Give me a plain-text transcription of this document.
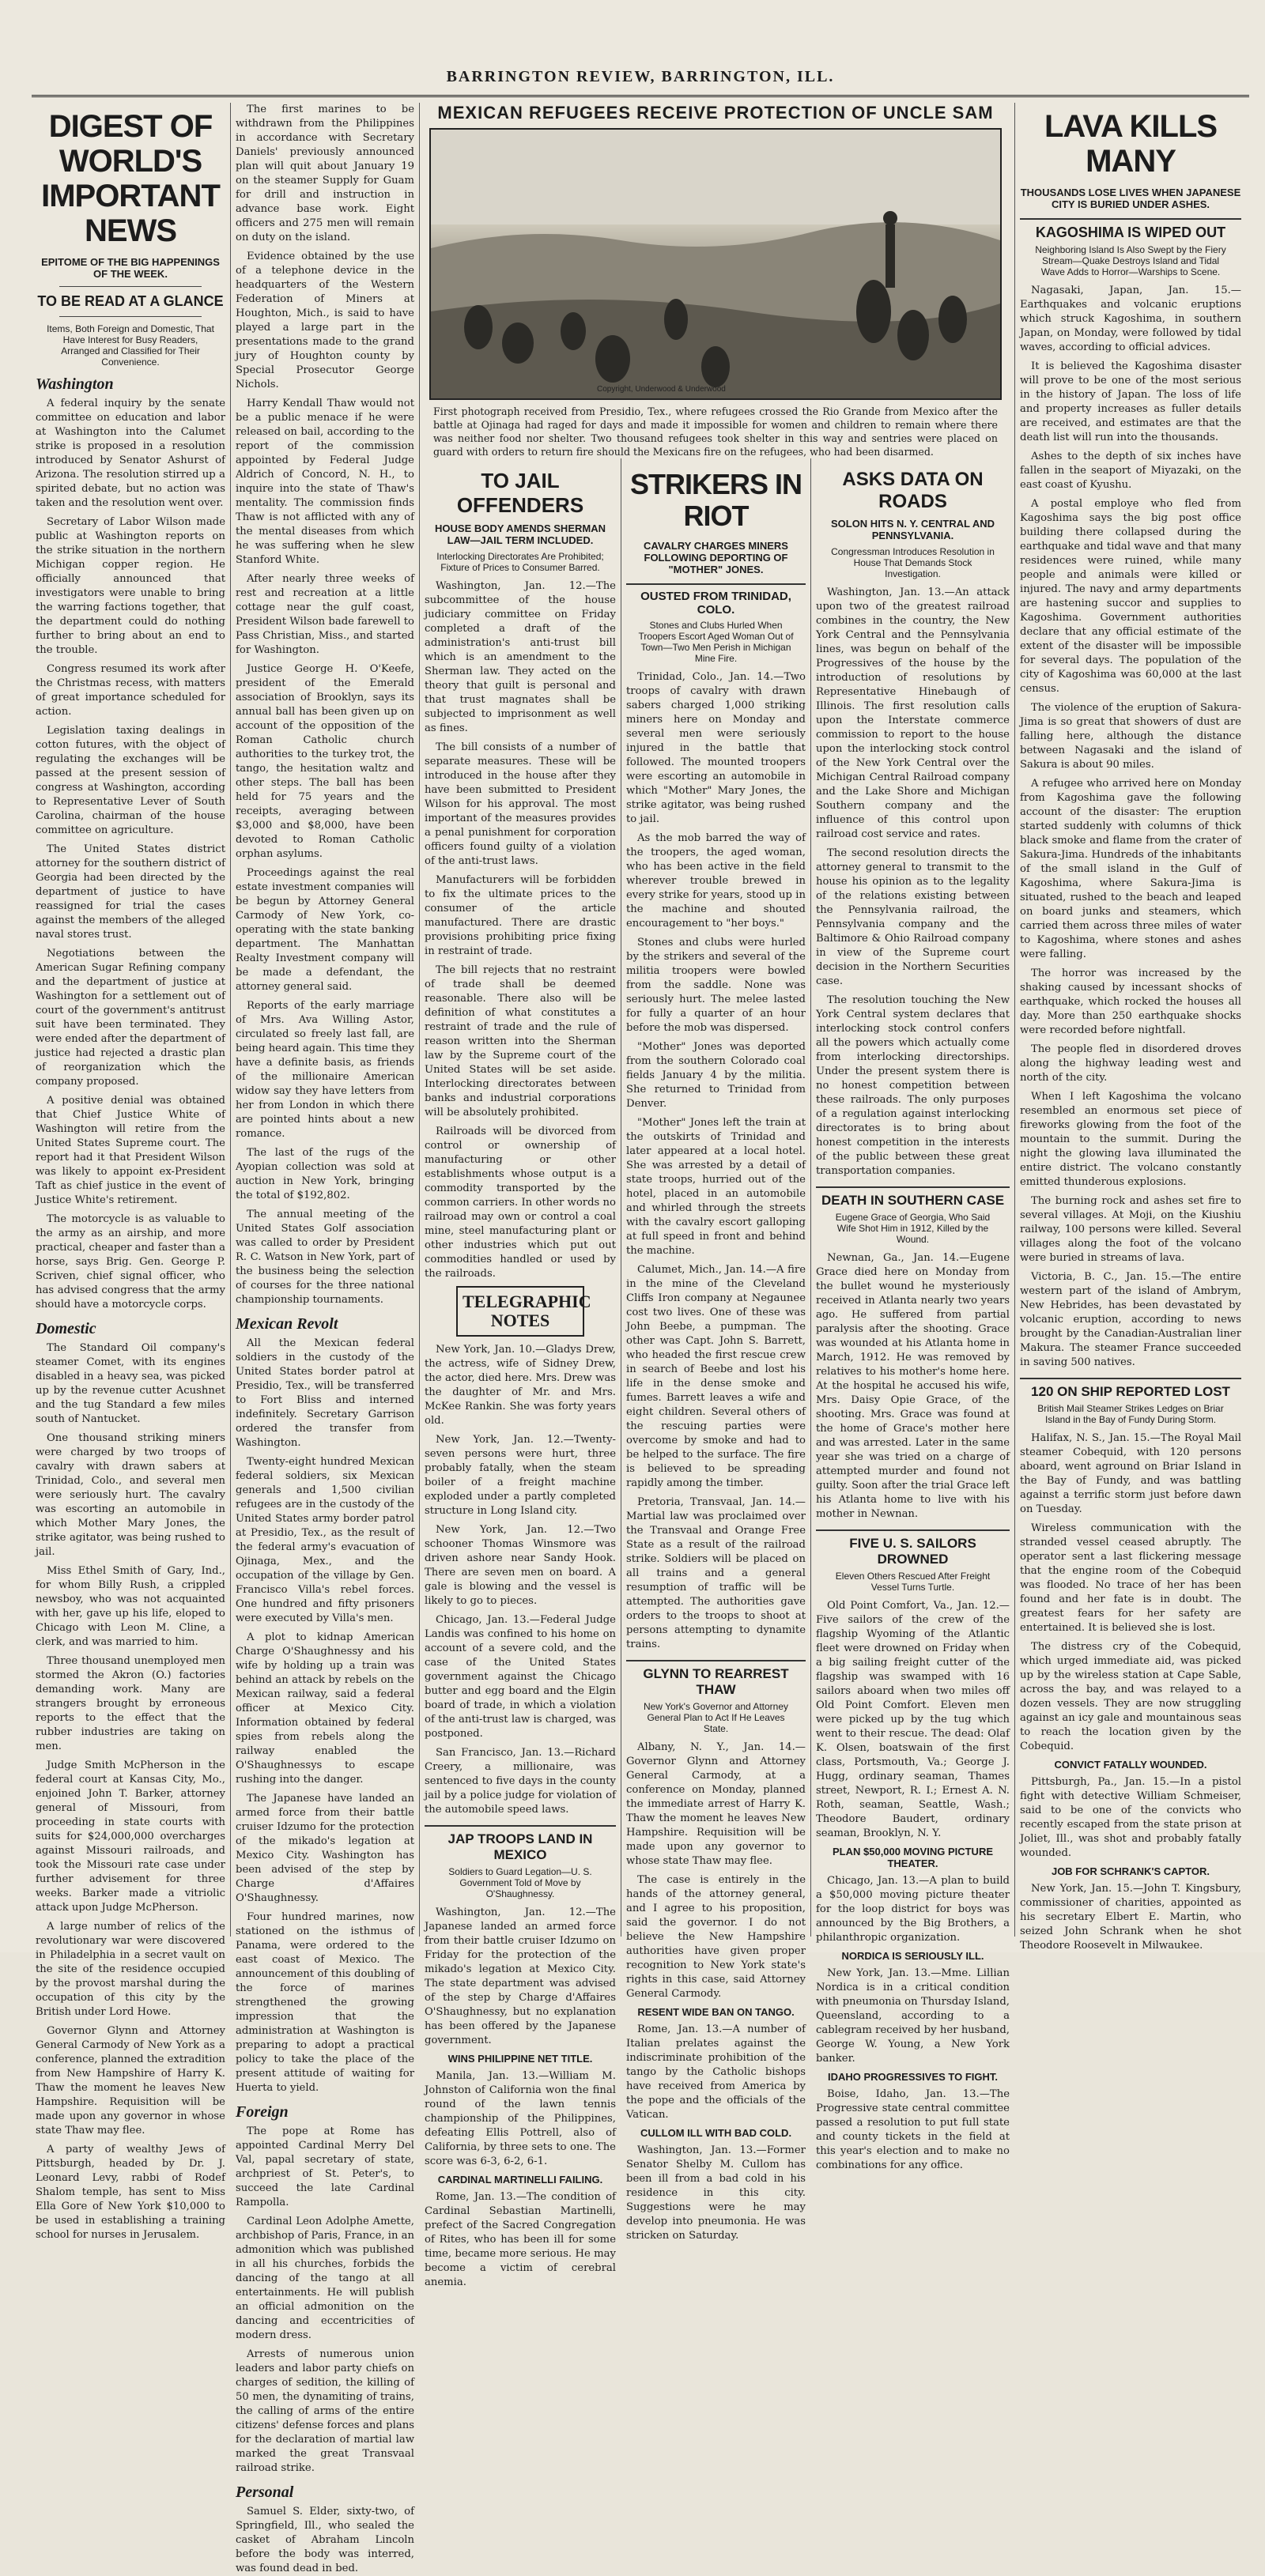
BARRINGTON REVIEW, BARRINGTON, ILL.
DIGEST OF WORLD'S IMPORTANT NEWS
EPITOME OF THE BIG HAPPENINGS OF THE WEEK.
TO BE READ AT A GLANCE
Items, Both Foreign and Domestic, That Have Interest for Busy Readers, Arranged and Classified for Their Convenience.
Washington

A federal inquiry by the senate committee on education and labor at Washington into the Calumet strike is proposed in a resolution introduced by Senator Ashurst of Arizona. The resolution stirred up a spirited debate, but no action was taken and the resolution went over.

Secretary of Labor Wilson made public at Washington reports on the strike situation in the northern Michigan copper region. He officially announced that investigators were unable to bring the warring factions together, that the department could do nothing further to bring about an end to the trouble.

Congress resumed its work after the Christmas recess, with matters of great importance scheduled for action.

Legislation taxing dealings in cotton futures, with the object of regulating the exchanges will be passed at the present session of congress at Washington, according to Representative Lever of South Carolina, chairman of the house committee on agriculture.

The United States district attorney for the southern district of Georgia had been directed by the department of justice to have reassigned for trial the cases against the members of the alleged naval stores trust.

Negotiations between the American Sugar Refining company and the department of justice at Washington for a settlement out of court of the government's antitrust suit have been terminated. They were ended after the department of justice had rejected a drastic plan of reorganization which the company proposed.

A positive denial was obtained that Chief Justice White of Washington will retire from the United States Supreme court. The report had it that President Wilson was likely to appoint ex-President Taft as chief justice in the event of Justice White's retirement.

The motorcycle is as valuable to the army as an airship, and more practical, cheaper and faster than a horse, says Brig. Gen. George P. Scriven, chief signal officer, who has advised congress that the army should have a motorcycle corps.

Domestic

The Standard Oil company's steamer Comet, with its engines disabled in a heavy sea, was picked up by the revenue cutter Acushnet and the tug Standard a few miles south of Nantucket.

One thousand striking miners were charged by two troops of cavalry with drawn sabers at Trinidad, Colo., and several men were seriously hurt. The cavalry was escorting an automobile in which Mother Mary Jones, the strike agitator, was being rushed to jail.

Miss Ethel Smith of Gary, Ind., for whom Billy Rush, a crippled newsboy, who was not acquainted with her, gave up his life, eloped to Chicago with Leon M. Cline, a clerk, and was married to him.

Three thousand unemployed men stormed the Akron (O.) factories demanding work. Many are strangers brought by erroneous reports to the effect that the rubber industries are taking on men.

Judge Smith McPherson in the federal court at Kansas City, Mo., enjoined John T. Barker, attorney general of Missouri, from proceeding in state courts with suits for $24,000,000 overcharges against Missouri railroads, and took the Missouri rate case under further advisement for three weeks. Barker made a vitriolic attack upon Judge McPherson.

A large number of relics of the revolutionary war were discovered in Philadelphia in a secret vault on the site of the residence occupied by the provost marshal during the occupation of this city by the British under Lord Howe.

Governor Glynn and Attorney General Carmody of New York as a conference, planned the extradition from New Hampshire of Harry K. Thaw the moment he leaves New Hampshire. Requisition will be made upon any governor in whose state Thaw may flee.

A party of wealthy Jews of Pittsburgh, headed by Dr. J. Leonard Levy, rabbi of Rodef Shalom temple, has sent to Miss Ella Gore of New York $10,000 to be used in establishing a training school for nurses in Jerusalem.

The first marines to be withdrawn from the Philippines in accordance with Secretary Daniels' previously announced plan will quit about January 19 on the steamer Supply for Guam for drill and instruction in advance base work. Eight officers and 275 men will remain on duty on the island.

Evidence obtained by the use of a telephone device in the headquarters of the Western Federation of Miners at Houghton, Mich., is said to have played a large part in the presentations made to the grand jury of Houghton county by Special Prosecutor George Nichols.

Harry Kendall Thaw would not be a public menace if he were released on bail, according to the report of the commission appointed by Federal Judge Aldrich of Concord, N. H., to inquire into the state of Thaw's mentality. The commission finds Thaw is not afflicted with any of the mental diseases from which he was suffering when he slew Stanford White.

After nearly three weeks of rest and recreation at a little cottage near the gulf coast, President Wilson bade farewell to Pass Christian, Miss., and started for Washington.

Justice George H. O'Keefe, president of the Emerald association of Brooklyn, says its annual ball has been given up on account of the opposition of the Roman Catholic church authorities to the turkey trot, the tango, the hesitation waltz and other steps. The ball has been held for 75 years and the receipts, averaging between $3,000 and $8,000, have been devoted to Roman Catholic orphan asylums.

Proceedings against the real estate investment companies will be begun by Attorney General Carmody of New York, co-operating with the state banking department. The Manhattan Realty Investment company will be made a defendant, the attorney general said.

Reports of the early marriage of Mrs. Ava Willing Astor, circulated so freely last fall, are being heard again. This time they have a definite basis, as friends of the millionaire American widow say they have letters from her from London in which there are pointed hints about a new romance.

The last of the rugs of the Ayopian collection was sold at auction in New York, bringing the total of $192,802.

The annual meeting of the United States Golf association was called to order by President R. C. Watson in New York, part of the business being the selection of courses for the three national championship tournaments.

Mexican Revolt

All the Mexican federal soldiers in the custody of the United States border patrol at Presidio, Tex., will be transferred to Fort Bliss and interned indefinitely. Secretary Garrison ordered the transfer from Washington.

Twenty-eight hundred Mexican federal soldiers, six Mexican generals and 1,500 civilian refugees are in the custody of the United States army border patrol at Presidio, Tex., as the result of the federal army's evacuation of Ojinaga, Mex., and the occupation of the village by Gen. Francisco Villa's rebel forces. One hundred and fifty prisoners were executed by Villa's men.

A plot to kidnap American Charge O'Shaughnessy and his wife by holding up a train was behind an attack by rebels on the Mexican railway, said a federal officer at Mexico City. Information obtained by federal spies from rebels along the railway enabled the O'Shaughnessys to escape rushing into the danger.

The Japanese have landed an armed force from their battle cruiser Idzumo for the protection of the mikado's legation at Mexico City. Washington has been advised of the step by Charge d'Affaires O'Shaughnessy.

Four hundred marines, now stationed on the isthmus of Panama, were ordered to the east coast of Mexico. The announcement of this doubling of the force of marines strengthened the growing impression that the administration at Washington is preparing to adopt a practical policy to take the place of the present attitude of waiting for Huerta to yield.

Foreign

The pope at Rome has appointed Cardinal Merry Del Val, papal secretary of state, archpriest of St. Peter's, to succeed the late Cardinal Rampolla.

Cardinal Leon Adolphe Amette, archbishop of Paris, France, in an admonition which was published in all his churches, forbids the dancing of the tango at all entertainments. He will publish an official admonition on the dancing and eccentricities of modern dress.

Arrests of numerous union leaders and labor party chiefs on charges of sedition, the killing of 50 men, the dynamiting of trains, the calling of arms of the entire citizens' defense forces and plans for the declaration of martial law marked the great Transvaal railroad strike.

Personal

Samuel S. Elder, sixty-two, of Springfield, Ill., who sealed the casket of Abraham Lincoln before the body was interred, was found dead in bed.

MEXICAN REFUGEES RECEIVE PROTECTION OF UNCLE SAM
Copyright, Underwood & Underwood
First photograph received from Presidio, Tex., where refugees crossed the Rio Grande from Mexico after the battle at Ojinaga had raged for days and made it impossible for women and children to remain where there was neither food nor shelter. Two thousand refugees took shelter in this way and sentries were placed on guard with orders to return fire should the Mexicans fire on the refugees, who had been disarmed.
TO JAIL OFFENDERS
HOUSE BODY AMENDS SHERMAN LAW—JAIL TERM INCLUDED.
Interlocking Directorates Are Prohibited; Fixture of Prices to Consumer Barred.

Washington, Jan. 12.—The subcommittee of the house judiciary committee on Friday completed a draft of the administration's anti-trust bill which is an amendment to the Sherman law. They acted on the theory that guilt is personal and that trust magnates shall be subjected to imprisonment as well as fines.

The bill consists of a number of separate measures. These will be introduced in the house after they have been submitted to President Wilson for his approval. The most important of the measures provides a penal punishment for corporation officers found guilty of a violation of the anti-trust laws.

Manufacturers will be forbidden to fix the ultimate prices to the consumer of the article manufactured. There are drastic provisions prohibiting price fixing in restraint of trade.

The bill rejects that no restraint of trade shall be deemed reasonable. There also will be definition of what constitutes a restraint of trade and the rule of reason written into the Sherman law by the Supreme court of the United States will be set aside. Interlocking directorates between banks and industrial corporations will be absolutely prohibited.

Railroads will be divorced from control or ownership of manufacturing or other establishments whose output is a commodity transported by the common carriers. In other words no railroad may own or control a coal mine, steel manufacturing plant or other industries which put out commodities handled or used by the railroads.

TELEGRAPHIC NOTES

New York, Jan. 10.—Gladys Drew, the actress, wife of Sidney Drew, the actor, died here. Mrs. Drew was the daughter of Mr. and Mrs. McKee Rankin. She was forty years old.

New York, Jan. 12.—Twenty-seven persons were hurt, three probably fatally, when the steam boiler of a freight machine exploded under a partly completed structure in Long Island city.

New York, Jan. 12.—Two schooner Thomas Winsmore was driven ashore near Sandy Hook. There are seven men on board. A gale is blowing and the vessel is likely to go to pieces.

Chicago, Jan. 13.—Federal Judge Landis was confined to his home on account of a severe cold, and the case of the United States government against the Chicago butter and egg board and the Elgin board of trade, in which a violation of the anti-trust law is charged, was postponed.

San Francisco, Jan. 13.—Richard Creery, a millionaire, was sentenced to five days in the county jail by a police judge for violation of the automobile speed laws.

JAP TROOPS LAND IN MEXICO
Soldiers to Guard Legation—U. S. Government Told of Move by O'Shaughnessy.

Washington, Jan. 12.—The Japanese landed an armed force from their battle cruiser Idzumo on Friday for the protection of the mikado's legation at Mexico City. The state department was advised of the step by Charge d'Affaires O'Shaughnessy, but no explanation has been offered by the Japanese government.

WINS PHILIPPINE NET TITLE.

Manila, Jan. 13.—William M. Johnston of California won the final round of the lawn tennis championship of the Philippines, defeating Ellis Pottrell, also of California, by three sets to one. The score was 6-3, 6-2, 6-1.

CARDINAL MARTINELLI FAILING.

Rome, Jan. 13.—The condition of Cardinal Sebastian Martinelli, prefect of the Sacred Congregation of Rites, who has been ill for some time, became more serious. He may become a victim of cerebral anemia.

STRIKERS IN RIOT
CAVALRY CHARGES MINERS FOLLOWING DEPORTING OF "MOTHER" JONES.
OUSTED FROM TRINIDAD, COLO.
Stones and Clubs Hurled When Troopers Escort Aged Woman Out of Town—Two Men Perish in Michigan Mine Fire.

Trinidad, Colo., Jan. 14.—Two troops of cavalry with drawn sabers charged 1,000 striking miners here on Monday and several men were seriously injured in the battle that followed. The mounted troopers were escorting an automobile in which "Mother" Mary Jones, the strike agitator, was being rushed to jail.

As the mob barred the way of the troopers, the aged woman, who has been active in the field wherever trouble brewed in every strike for years, stood up in the machine and shouted encouragement to "her boys."

Stones and clubs were hurled by the strikers and several of the militia troopers were bowled from the saddle. None was seriously hurt. The melee lasted for fully a quarter of an hour before the mob was dispersed.

"Mother" Jones was deported from the southern Colorado coal fields January 4 by the militia. She returned to Trinidad from Denver.

"Mother" Jones left the train at the outskirts of Trinidad and later appeared at a local hotel. She was arrested by a detail of state troops, hurried out of the hotel, placed in an automobile and whirled through the streets with the cavalry escort galloping at full speed in front and behind the machine.

Calumet, Mich., Jan. 14.—A fire in the mine of the Cleveland Cliffs Iron company at Negaunee cost two lives. One of these was John Beebe, a pumpman. The other was Capt. John S. Barrett, who headed the first rescue crew in search of Beebe and lost his life in the dense smoke and fumes. Barrett leaves a wife and eight children. Several others of the rescuing parties were overcome by smoke and had to be helped to the surface. The fire is believed to be spreading rapidly among the timber.

Pretoria, Transvaal, Jan. 14.—Martial law was proclaimed over the Transvaal and Orange Free State as a result of the railroad strike. Soldiers will be placed on all trains and a general resumption of traffic will be attempted. The authorities gave orders to the troops to shoot at persons attempting to dynamite trains.

GLYNN TO REARREST THAW
New York's Governor and Attorney General Plan to Act If He Leaves State.

Albany, N. Y., Jan. 14.—Governor Glynn and Attorney General Carmody, at a conference on Monday, planned the immediate arrest of Harry K. Thaw the moment he leaves New Hampshire. Requisition will be made upon any governor to whose state Thaw may flee.

The case is entirely in the hands of the attorney general, and I agree to his proposition, said the governor. I do not believe the New Hampshire authorities have given proper recognition to New York state's rights in this case, said Attorney General Carmody.

RESENT WIDE BAN ON TANGO.

Rome, Jan. 13.—A number of Italian prelates against the indiscriminate prohibition of the tango by the Catholic bishops have received from America by the pope and the officials of the Vatican.

CULLOM ILL WITH BAD COLD.

Washington, Jan. 13.—Former Senator Shelby M. Cullom has been ill from a bad cold in his residence in this city. Suggestions were he may develop into pneumonia. He was stricken on Saturday.

ASKS DATA ON ROADS
SOLON HITS N. Y. CENTRAL AND PENNSYLVANIA.
Congressman Introduces Resolution in House That Demands Stock Investigation.

Washington, Jan. 13.—An attack upon two of the greatest railroad combines in the country, the New York Central and the Pennsylvania lines, was begun on behalf of the Progressives of the house by the introduction of resolutions by Representative Hinebaugh of Illinois. The first resolution calls upon the Interstate commerce commission to report to the house upon the interlocking stock control of the New York Central over the Michigan Central Railroad company and the Lake Shore and Michigan Southern company and the influence of this control upon railroad cost service and rates.

The second resolution directs the attorney general to transmit to the house his opinion as to the legality of the relations existing between the Pennsylvania railroad, the Pennsylvania company and the Baltimore & Ohio Railroad company in view of the Supreme court decision in the Northern Securities case.

The resolution touching the New York Central system declares that interlocking stock control confers all the powers which actually come from interlocking directorships. Under the present system there is no honest competition between these railroads. The only purposes of a regulation against interlocking directorates is to bring about honest competition in the interests of the public between these great transportation companies.

DEATH IN SOUTHERN CASE
Eugene Grace of Georgia, Who Said Wife Shot Him in 1912, Killed by the Wound.

Newnan, Ga., Jan. 14.—Eugene Grace died here on Monday from the bullet wound he mysteriously received in Atlanta nearly two years ago. He suffered from partial paralysis after the shooting. Grace was wounded at his Atlanta home in March, 1912. He was removed by relatives to his mother's home here. At the hospital he accused his wife, Mrs. Daisy Opie Grace, of the shooting. Mrs. Grace was found at the home of Grace's mother here and was arrested. Later in the same year she was tried on a charge of attempted murder and found not guilty. Soon after the trial Grace left his Atlanta home to live with his mother in Newnan.

FIVE U. S. SAILORS DROWNED
Eleven Others Rescued After Freight Vessel Turns Turtle.

Old Point Comfort, Va., Jan. 12.—Five sailors of the crew of the flagship Wyoming of the Atlantic fleet were drowned on Friday when a big sailing freight cutter of the flagship was swamped with 16 sailors aboard when two miles off Old Point Comfort. Eleven men were picked up by the tug which went to their rescue. The dead: Olaf K. Olsen, boatswain of the first class, Portsmouth, Va.; George J. Hugg, ordinary seaman, Thames street, Newport, R. I.; Ernest A. N. Roth, seaman, Seattle, Wash.; Theodore Baudert, ordinary seaman, Brooklyn, N. Y.

PLAN $50,000 MOVING PICTURE THEATER.

Chicago, Jan. 13.—A plan to build a $50,000 moving picture theater for the loop district for boys was announced by the Big Brothers, a philanthropic organization.

NORDICA IS SERIOUSLY ILL.

New York, Jan. 13.—Mme. Lillian Nordica is in a critical condition with pneumonia on Thursday Island, Queensland, according to a cablegram received by her husband, George W. Young, a New York banker.

IDAHO PROGRESSIVES TO FIGHT.

Boise, Idaho, Jan. 13.—The Progressive state central committee passed a resolution to put full state and county tickets in the field at this year's election and to make no combinations for any office.

LAVA KILLS MANY
THOUSANDS LOSE LIVES WHEN JAPANESE CITY IS BURIED UNDER ASHES.
KAGOSHIMA IS WIPED OUT
Neighboring Island Is Also Swept by the Fiery Stream—Quake Destroys Island and Tidal Wave Adds to Horror—Warships to Scene.

Nagasaki, Japan, Jan. 15.—Earthquakes and volcanic eruptions which struck Kagoshima, in southern Japan, on Monday, were followed by tidal waves, according to official advices.

It is believed the Kagoshima disaster will prove to be one of the most serious in the history of Japan. The loss of life and property increases as fuller details are received, and estimates are that the death list will run into the thousands.

Ashes to the depth of six inches have fallen in the seaport of Miyazaki, on the east coast of Kyushu.

A postal employe who fled from Kagoshima says the big post office building there collapsed during the earthquake and tidal wave and that many residences were ruined, while many people and animals were killed or injured. The navy and army departments are hastening succor and supplies to Kagoshima. Government authorities declare that any official estimate of the extent of the disaster will be impossible for several days. The population of the city of Kagoshima was 60,000 at the last census.

The violence of the eruption of Sakura-Jima is so great that showers of dust are falling here, although the distance between Nagasaki and the island of Sakura is about 90 miles.

A refugee who arrived here on Monday from Kagoshima gave the following account of the disaster: The eruption started suddenly with columns of thick black smoke and flame from the crater of Sakura-Jima. Hundreds of the inhabitants of the small island in the Gulf of Kagoshima, where Sakura-Jima is situated, rushed to the beach and leaped on board junks and steamers, which carried them across three miles of water to Kagoshima, where stones and ashes were falling.

The horror was increased by the shaking caused by incessant shocks of earthquake, which rocked the houses all day. More than 250 earthquake shocks were recorded before nightfall.

The people fled in disordered droves along the highway leading west and north of the city.

When I left Kagoshima the volcano resembled an enormous set piece of fireworks glowing from the foot of the mountain to the summit. During the night the glowing lava illuminated the entire district. The volcano constantly emitted thunderous explosions.

The burning rock and ashes set fire to several villages. At Moji, on the Kiushiu railway, 100 persons were killed. Several villages along the foot of the volcano were buried in streams of lava.

Victoria, B. C., Jan. 15.—The entire western part of the island of Ambrym, New Hebrides, has been devastated by volcanic eruption, according to news brought by the Canadian-Australian liner Makura. The steamer France succeeded in saving 500 natives.

120 ON SHIP REPORTED LOST
British Mail Steamer Strikes Ledges on Briar Island in the Bay of Fundy During Storm.

Halifax, N. S., Jan. 15.—The Royal Mail steamer Cobequid, with 120 persons aboard, went aground on Briar Island in the Bay of Fundy, and was battling against a terrific storm just before dawn on Tuesday.

Wireless communication with the stranded vessel ceased abruptly. The operator sent a last flickering message that the engine room of the Cobequid was flooded. No trace of her has been found and her fate is in doubt. The greatest fears for her safety are entertained. It is believed she is lost.

The distress cry of the Cobequid, which urged immediate aid, was picked up by the wireless station at Cape Sable, across the bay, and was relayed to a dozen vessels. They are now struggling against an icy gale and mountainous seas to reach the location given by the Cobequid.

CONVICT FATALLY WOUNDED.

Pittsburgh, Pa., Jan. 15.—In a pistol fight with detective William Schmeiser, said to be one of the convicts who recently escaped from the state prison at Joliet, Ill., was shot and probably fatally wounded.

JOB FOR SCHRANK'S CAPTOR.

New York, Jan. 15.—John T. Kingsbury, commissioner of charities, appointed as his secretary Elbert E. Martin, who seized John Schrank when he shot Theodore Roosevelt in Milwaukee.
